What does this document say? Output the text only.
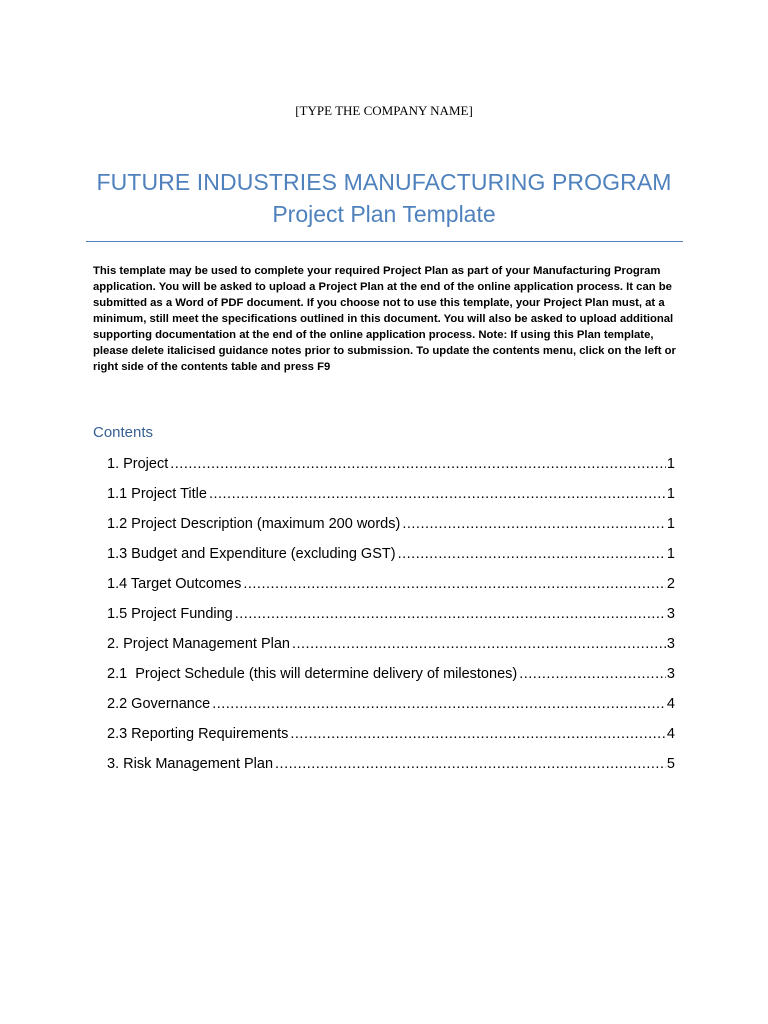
[TYPE THE COMPANY NAME]
FUTURE INDUSTRIES MANUFACTURING PROGRAM
Project Plan Template
This template may be used to complete your required Project Plan as part of your Manufacturing Program application. You will be asked to upload a Project Plan at the end of the online application process. It can be submitted as a Word of PDF document. If you choose not to use this template, your Project Plan must, at a minimum, still meet the specifications outlined in this document. You will also be asked to upload additional supporting documentation at the end of the online application process. Note: If using this Plan template, please delete italicised guidance notes prior to submission. To update the contents menu, click on the left or right side of the contents table and press F9
Contents
1. Project .....	1
1.1 Project Title .....	1
1.2 Project Description (maximum 200 words) .....	1
1.3 Budget and Expenditure (excluding GST) .....	1
1.4 Target Outcomes .....	2
1.5 Project Funding .....	3
2. Project Management Plan .....	3
2.1  Project Schedule (this will determine delivery of milestones) .....	3
2.2 Governance .....	4
2.3 Reporting Requirements .....	4
3. Risk Management Plan .....	5
